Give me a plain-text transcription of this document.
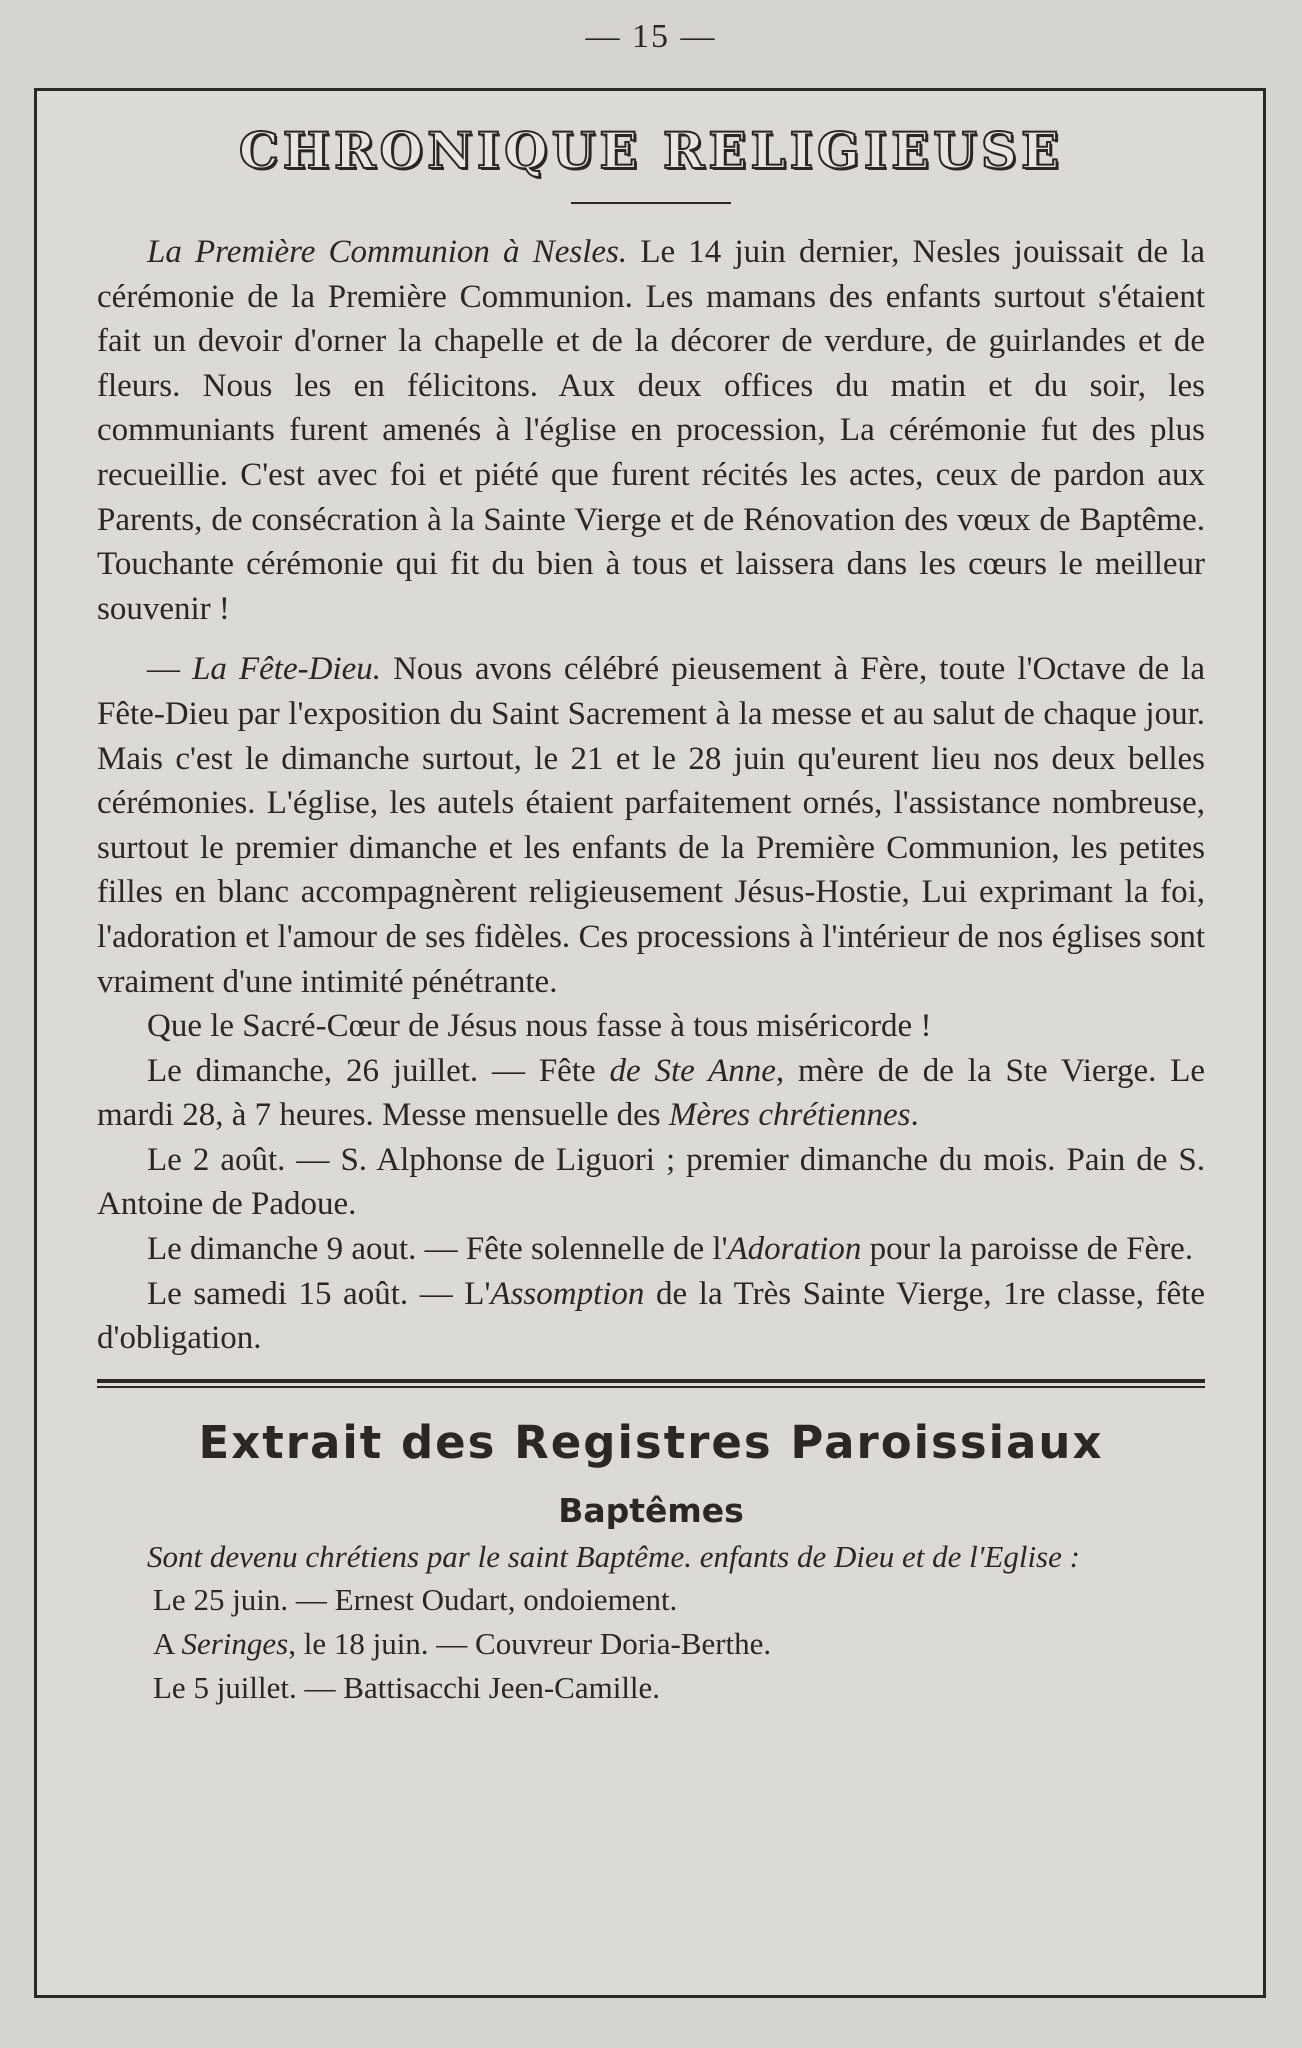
— 15 —
CHRONIQUE RELIGIEUSE

La Première Communion à Nesles. Le 14 juin dernier, Nesles jouissait de la cérémonie de la Première Communion. Les mamans des enfants surtout s'étaient fait un devoir d'orner la chapelle et de la décorer de verdure, de guirlandes et de fleurs. Nous les en félicitons. Aux deux offices du matin et du soir, les communiants furent amenés à l'église en procession, La cérémonie fut des plus recueillie. C'est avec foi et piété que furent récités les actes, ceux de pardon aux Parents, de consécration à la Sainte Vierge et de Rénovation des vœux de Baptême. Touchante cérémonie qui fit du bien à tous et laissera dans les cœurs le meilleur souvenir !

— La Fête-Dieu. Nous avons célébré pieusement à Fère, toute l'Octave de la Fête-Dieu par l'exposition du Saint Sacrement à la messe et au salut de chaque jour. Mais c'est le dimanche surtout, le 21 et le 28 juin qu'eurent lieu nos deux belles cérémonies. L'église, les autels étaient parfaitement ornés, l'assistance nombreuse, surtout le premier dimanche et les enfants de la Première Communion, les petites filles en blanc accompagnèrent religieusement Jésus-Hostie, Lui exprimant la foi, l'adoration et l'amour de ses fidèles. Ces processions à l'intérieur de nos églises sont vraiment d'une intimité pénétrante.

Que le Sacré-Cœur de Jésus nous fasse à tous miséricorde !

Le dimanche, 26 juillet. — Fête de Ste Anne, mère de de la Ste Vierge. Le mardi 28, à 7 heures. Messe mensuelle des Mères chrétiennes.

Le 2 août. — S. Alphonse de Liguori ; premier dimanche du mois. Pain de S. Antoine de Padoue.

Le dimanche 9 aout. — Fête solennelle de l'Adoration pour la paroisse de Fère.

Le samedi 15 août. — L'Assomption de la Très Sainte Vierge, 1re classe, fête d'obligation.

Extrait des Registres Paroissiaux
Baptêmes

Sont devenu chrétiens par le saint Baptême. enfants de Dieu et de l'Eglise :

Le 25 juin. — Ernest Oudart, ondoiement.

A Seringes, le 18 juin. — Couvreur Doria-Berthe.

Le 5 juillet. — Battisacchi Jeen-Camille.
